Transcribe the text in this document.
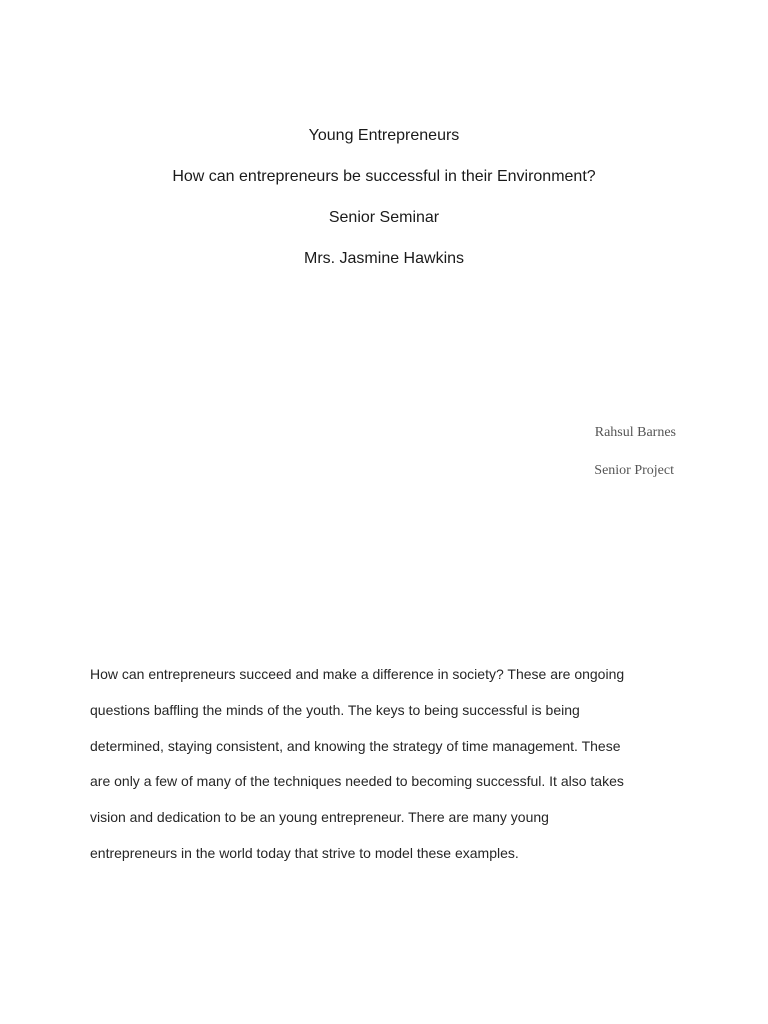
Young Entrepreneurs
How can entrepreneurs be successful in their Environment?
Senior Seminar
Mrs. Jasmine Hawkins
Rahsul Barnes
Senior Project
How can entrepreneurs succeed and make a difference in society? These are ongoing
questions baffling the minds of the youth. The keys to being successful is being
determined, staying consistent, and knowing the strategy of time management. These
are only a few of many of the techniques needed to becoming successful. It also takes
vision and dedication to be an young entrepreneur. There are many young
entrepreneurs in the world today that strive to model these examples.
